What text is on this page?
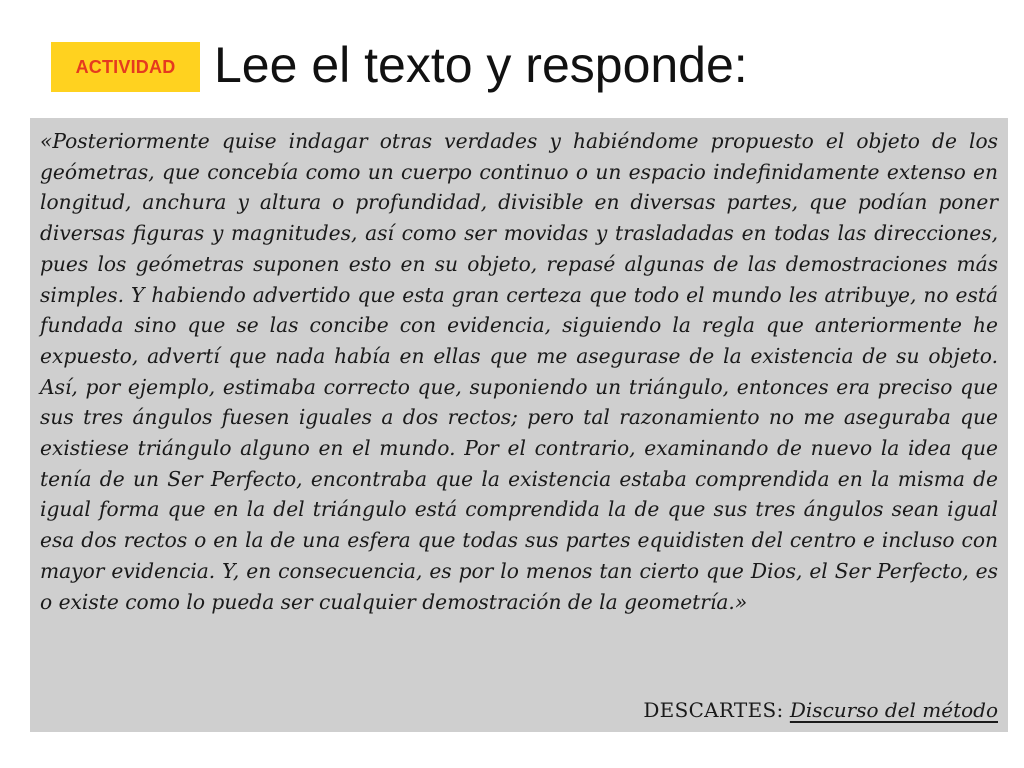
ACTIVIDAD Lee el texto y responde:

«Posteriormente quise indagar otras verdades y habiéndome propuesto el objeto de los geómetras, que concebía como un cuerpo continuo o un espacio indefinidamente extenso en longitud, anchura y altura o profundidad, divisible en diversas partes, que podían poner diversas figuras y magnitudes, así como ser movidas y trasladadas en todas las direcciones, pues los geómetras suponen esto en su objeto, repasé algunas de las demostraciones más simples. Y habiendo advertido que esta gran certeza que todo el mundo les atribuye, no está fundada sino que se las concibe con evidencia, siguiendo la regla que anteriormente he expuesto, advertí que nada había en ellas que me asegurase de la existencia de su objeto. Así, por ejemplo, estimaba correcto que, suponiendo un triángulo, entonces era preciso que sus tres ángulos fuesen iguales a dos rectos; pero tal razonamiento no me aseguraba que existiese triángulo alguno en el mundo. Por el contrario, examinando de nuevo la idea que tenía de un Ser Perfecto, encontraba que la existencia estaba comprendida en la misma de igual forma que en la del triángulo está comprendida la de que sus tres ángulos sean igual esa dos rectos o en la de una esfera que todas sus partes equidisten del centro e incluso con mayor evidencia. Y, en consecuencia, es por lo menos tan cierto que Dios, el Ser Perfecto, es o existe como lo pueda ser cualquier demostración de la geometría.»

DESCARTES: Discurso del método
